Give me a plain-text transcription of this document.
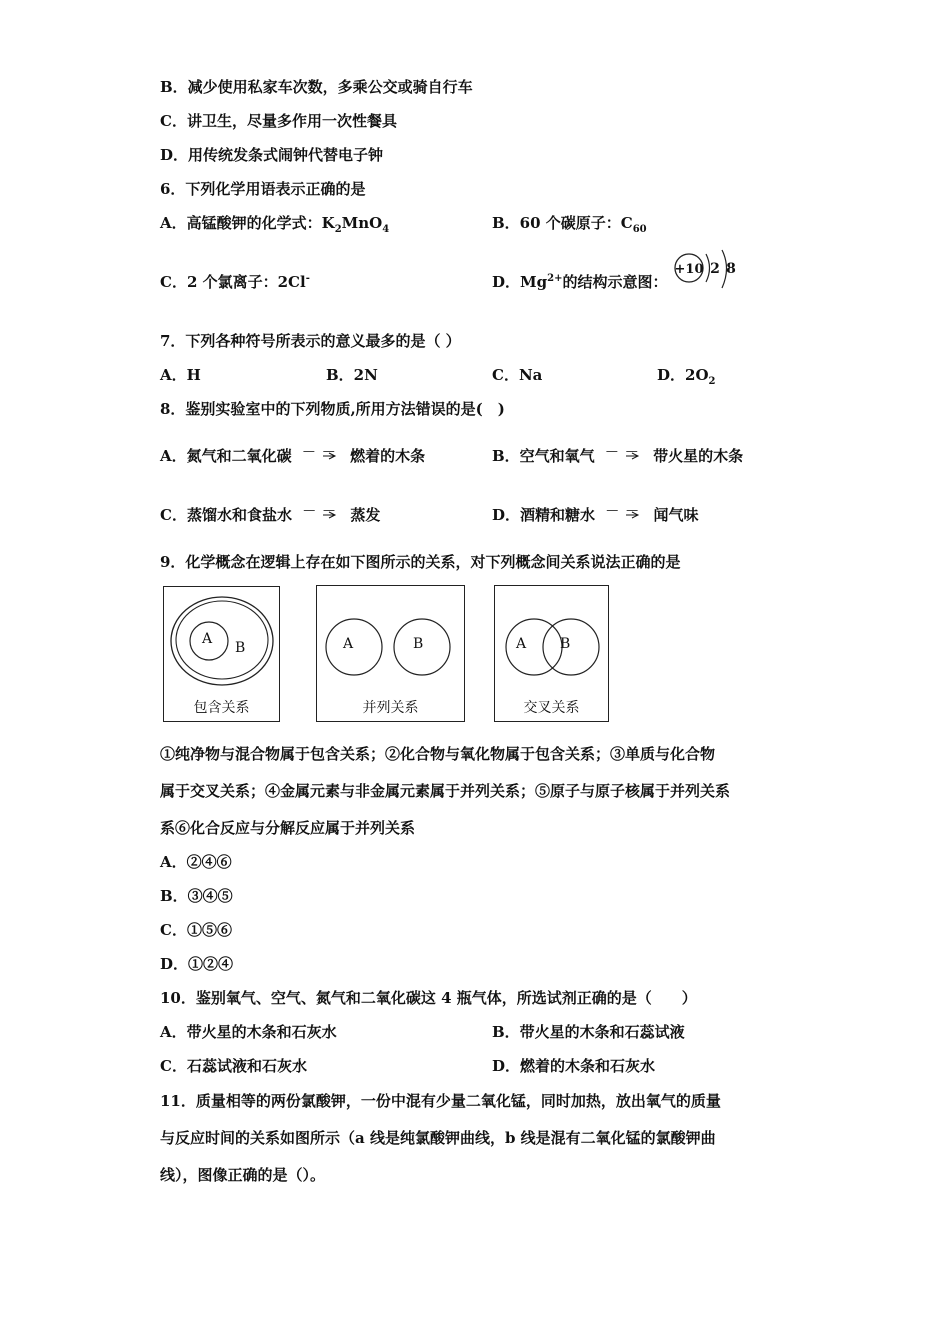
B．减少使用私家车次数，多乘公交或骑自行车
C．讲卫生，尽量多作用一次性餐具
D．用传统发条式闹钟代替电子钟
6．下列化学用语表示正确的是
A．高锰酸钾的化学式：$K_2MnO_4$	B．60 个碳原子：$C_{60}$
C．2 个氯离子：2Cl-	D．$Mg^{2+}$的结构示意图：
+10 2 8
7．下列各种符号所表示的意义最多的是（ ）
A．H	B．2N	C．Na	D．$2O_2$
8．鉴别实验室中的下列物质,所用方法错误的是(　)
A．氮气和二氧化碳 — — 燃着的木条	B．空气和氧气 — — 带火星的木条
C．蒸馏水和食盐水 — — 蒸发	D．酒精和糖水 — — 闻气味
9．化学概念在逻辑上存在如下图所示的关系，对下列概念间关系说法正确的是
A
B
包含关系
A	B
并列关系
A B
交叉关系
①纯净物与混合物属于包含关系；②化合物与氧化物属于包含关系；③单质与化合物
属于交叉关系；④金属元素与非金属元素属于并列关系；⑤原子与原子核属于并列关系
系⑥化合反应与分解反应属于并列关系
A．②④⑥
B．③④⑤
C．①⑤⑥
D．①②④
10．鉴别氧气、空气、氮气和二氧化碳这 4 瓶气体，所选试剂正确的是（　　）
A．带火星的木条和石灰水	B．带火星的木条和石蕊试液
C．石蕊试液和石灰水	D．燃着的木条和石灰水
11．质量相等的两份氯酸钾，一份中混有少量二氧化锰，同时加热，放出氧气的质量
与反应时间的关系如图所示（a 线是纯氯酸钾曲线，b 线是混有二氧化锰的氯酸钾曲
线），图像正确的是（）。
